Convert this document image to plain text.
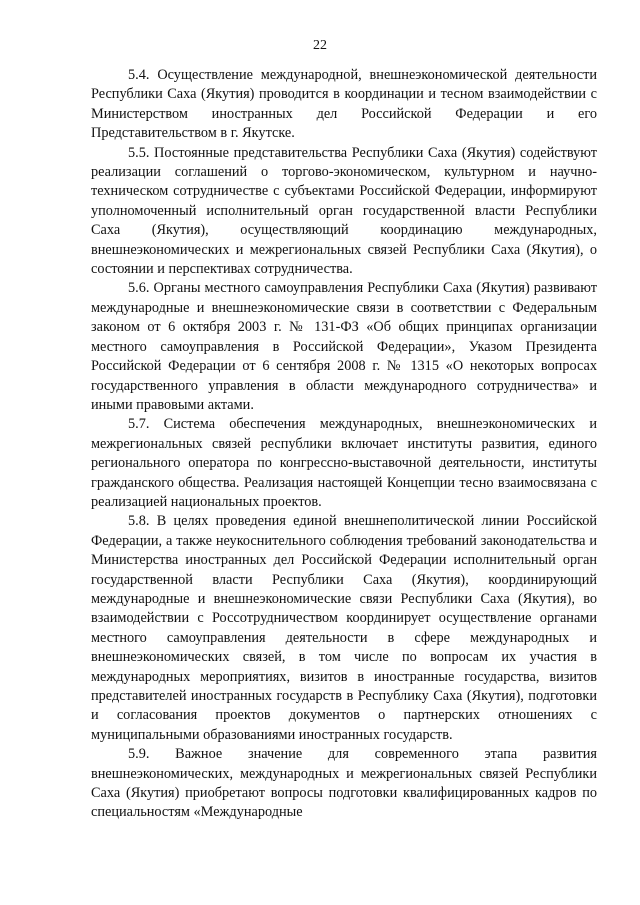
22

5.4. Осуществление международной, внешнеэкономической деятельности Республики Саха (Якутия) проводится в координации и тесном взаимодействии с Министерством иностранных дел Российской Федерации и его Представительством в г. Якутске.

5.5. Постоянные представительства Республики Саха (Якутия) содействуют реализации соглашений о торгово-экономическом, культурном и научно-техническом сотрудничестве с субъектами Российской Федерации, информируют уполномоченный исполнительный орган государственной власти Республики Саха (Якутия), осуществляющий координацию международных, внешнеэкономических и межрегиональных связей Республики Саха (Якутия), о состоянии и перспективах сотрудничества.

5.6. Органы местного самоуправления Республики Саха (Якутия) развивают международные и внешнеэкономические связи в соответствии с Федеральным законом от 6 октября 2003 г. № 131-ФЗ «Об общих принципах организации местного самоуправления в Российской Федерации», Указом Президента Российской Федерации от 6 сентября 2008 г. № 1315 «О некоторых вопросах государственного управления в области международного сотрудничества» и иными правовыми актами.

5.7. Система обеспечения международных, внешнеэкономических и межрегиональных связей республики включает институты развития, единого регионального оператора по конгрессно-выставочной деятельности, институты гражданского общества. Реализация настоящей Концепции тесно взаимосвязана с реализацией национальных проектов.

5.8. В целях проведения единой внешнеполитической линии Российской Федерации, а также неукоснительного соблюдения требований законодательства и Министерства иностранных дел Российской Федерации исполнительный орган государственной власти Республики Саха (Якутия), координирующий международные и внешнеэкономические связи Республики Саха (Якутия), во взаимодействии с Россотрудничеством координирует осуществление органами местного самоуправления деятельности в сфере международных и внешнеэкономических связей, в том числе по вопросам их участия в международных мероприятиях, визитов в иностранные государства, визитов представителей иностранных государств в Республику Саха (Якутия), подготовки и согласования проектов документов о партнерских отношениях с муниципальными образованиями иностранных государств.

5.9. Важное значение для современного этапа развития внешнеэкономических, международных и межрегиональных связей Республики Саха (Якутия) приобретают вопросы подготовки квалифицированных кадров по специальностям «Международные
